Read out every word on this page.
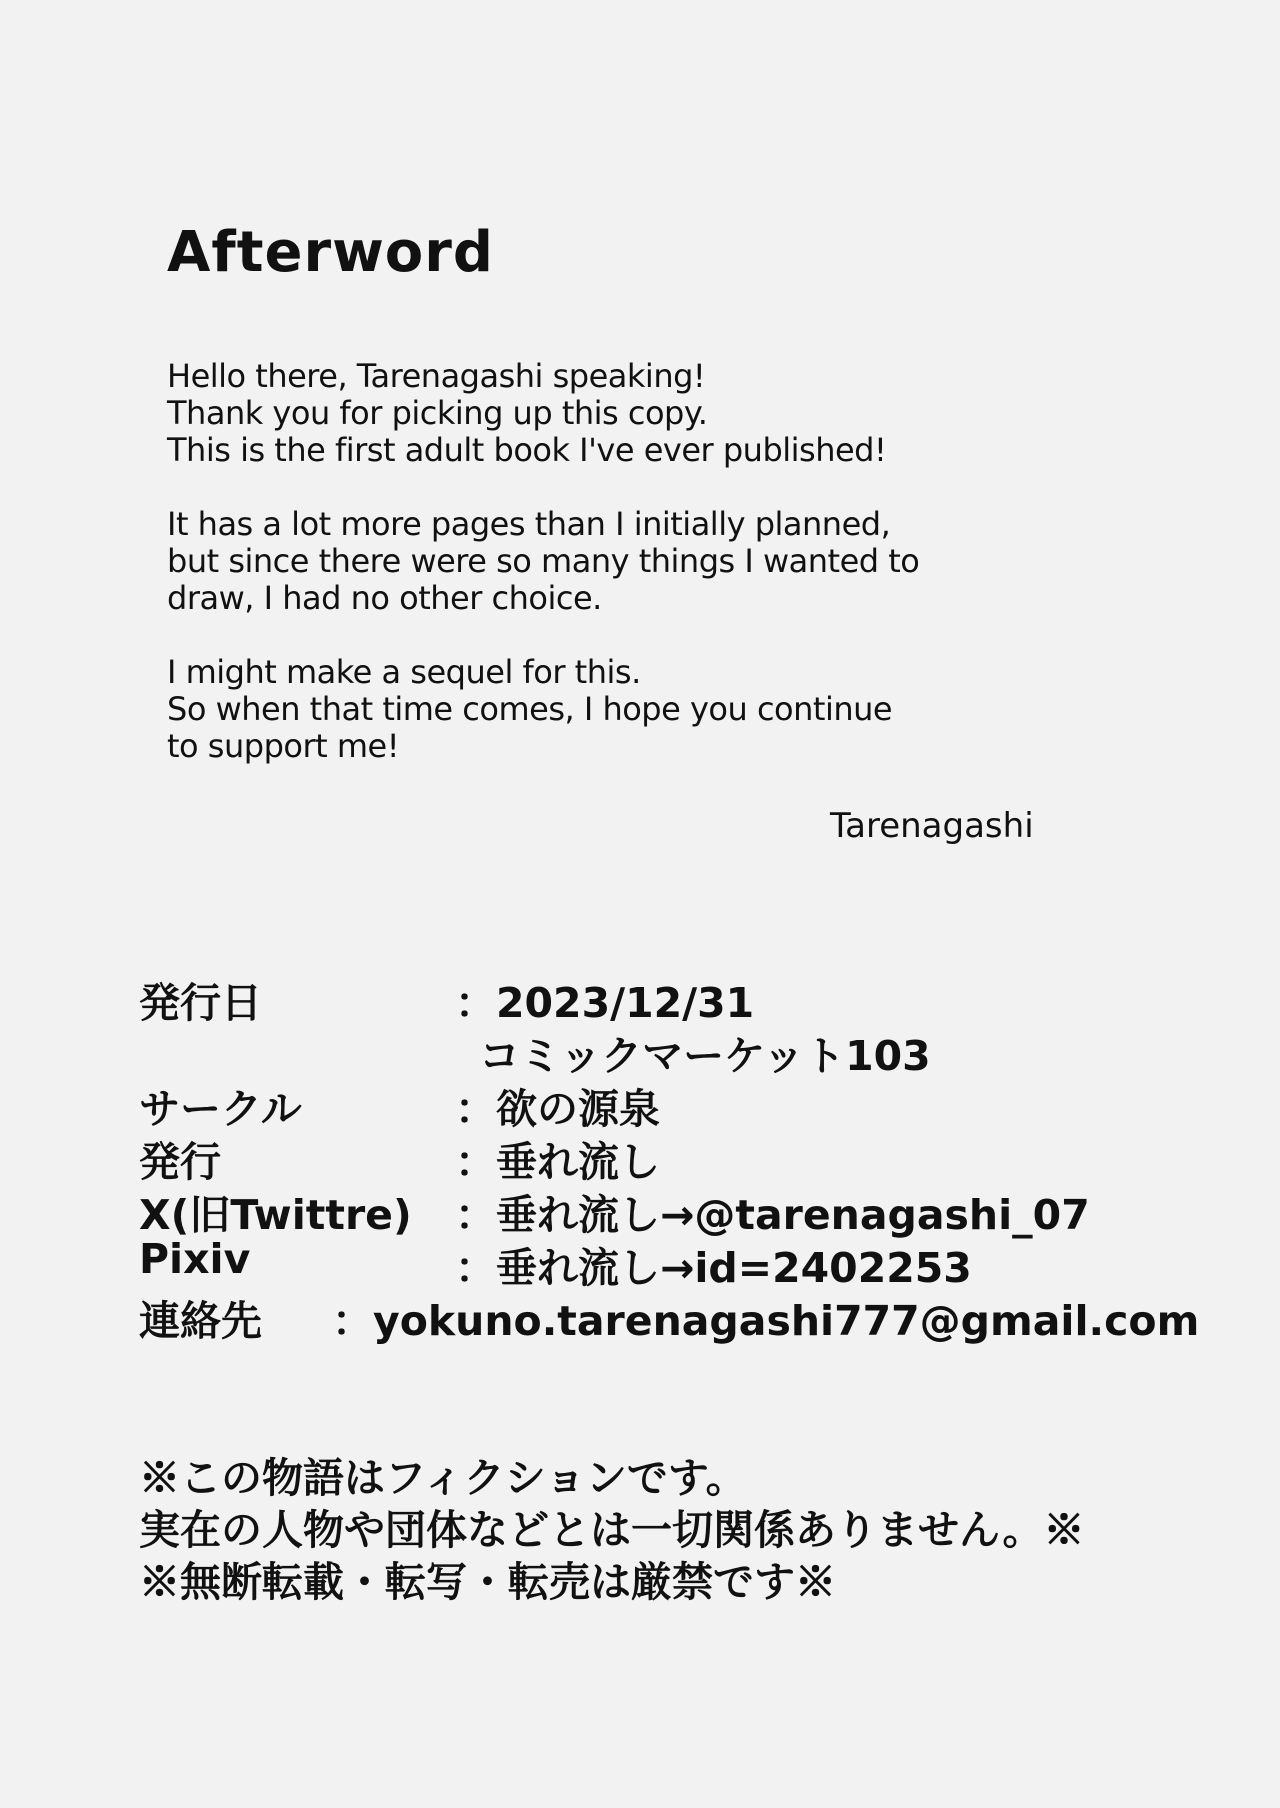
Afterword

Hello there, Tarenagashi speaking!
Thank you for picking up this copy.
This is the first adult book I've ever published!

It has a lot more pages than I initially planned,
but since there were so many things I wanted to
draw, I had no other choice.

I might make a sequel for this.
So when that time comes, I hope you continue
to support me!

Tarenagashi
発行日	：2023/12/31
コミックマーケット103
サークル	：欲の源泉
発行	：垂れ流し
X(旧Twittre) ：垂れ流し→@tarenagashi_07
Pixiv	：垂れ流し→id=2402253
連絡先 ：yokuno.tarenagashi777@gmail.com
※この物語はフィクションです。
実在の人物や団体などとは一切関係ありません。※
※無断転載・転写・転売は厳禁です※
